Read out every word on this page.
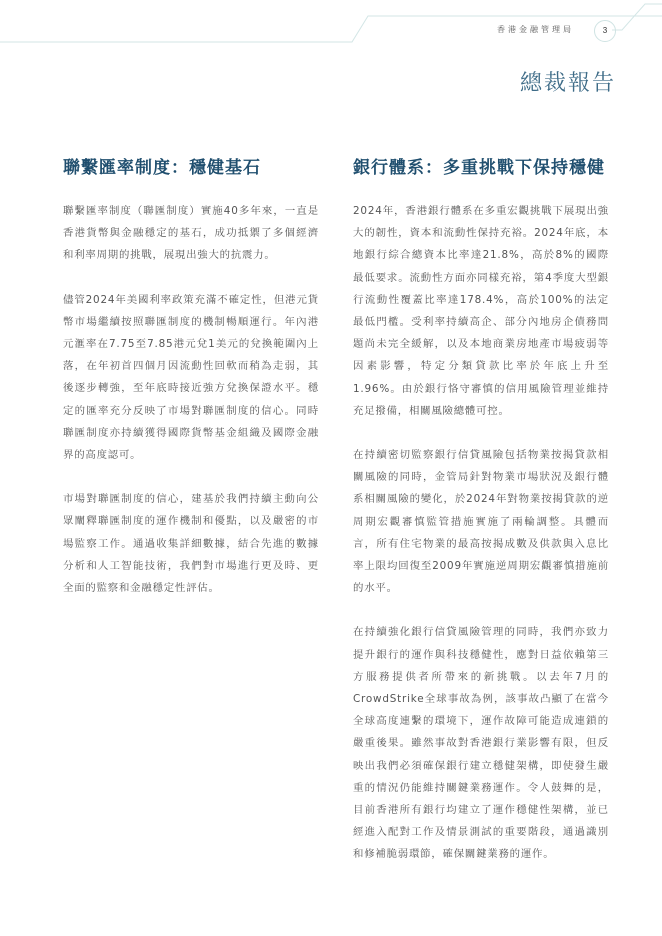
香港金融管理局	3
總裁報告
聯繫匯率制度：穩健基石

聯繫匯率制度（聯匯制度）實施40多年來，一直是香港貨幣與金融穩定的基石，成功抵禦了多個經濟和利率周期的挑戰，展現出強大的抗震力。

儘管2024年美國利率政策充滿不確定性，但港元貨幣市場繼續按照聯匯制度的機制暢順運行。年內港元滙率在7.75至7.85港元兌1美元的兌換範圍內上落，在年初首四個月因流動性回軟而稍為走弱，其後逐步轉強，至年底時接近強方兌換保證水平。穩定的匯率充分反映了市場對聯匯制度的信心。同時聯匯制度亦持續獲得國際貨幣基金組織及國際金融界的高度認可。

市場對聯匯制度的信心，建基於我們持續主動向公眾闡釋聯匯制度的運作機制和優點，以及嚴密的市場監察工作。通過收集詳細數據，結合先進的數據分析和人工智能技術，我們對市場進行更及時、更全面的監察和金融穩定性評估。

銀行體系：多重挑戰下保持穩健

2024年，香港銀行體系在多重宏觀挑戰下展現出強大的韌性，資本和流動性保持充裕。2024年底，本地銀行綜合總資本比率達21.8%，高於8%的國際最低要求。流動性方面亦同樣充裕，第4季度大型銀行流動性覆蓋比率達178.4%，高於100%的法定最低門檻。受利率持續高企、部分內地房企債務問題尚未完全緩解，以及本地商業房地產市場疲弱等因素影響，特定分類貸款比率於年底上升至1.96%。由於銀行恪守審慎的信用風險管理並維持充足撥備，相關風險總體可控。

在持續密切監察銀行信貸風險包括物業按揭貸款相關風險的同時，金管局針對物業市場狀況及銀行體系相關風險的變化，於2024年對物業按揭貸款的逆周期宏觀審慎監管措施實施了兩輪調整。具體而言，所有住宅物業的最高按揭成數及供款與入息比率上限均回復至2009年實施逆周期宏觀審慎措施前的水平。

在持續強化銀行信貸風險管理的同時，我們亦致力提升銀行的運作與科技穩健性，應對日益依賴第三方服務提供者所帶來的新挑戰。以去年7月的CrowdStrike全球事故為例，該事故凸顯了在當今全球高度連繫的環境下，運作故障可能造成連鎖的嚴重後果。雖然事故對香港銀行業影響有限，但反映出我們必須確保銀行建立穩健架構，即使發生嚴重的情況仍能維持關鍵業務運作。令人鼓舞的是，目前香港所有銀行均建立了運作穩健性架構，並已經進入配對工作及情景測試的重要階段，通過識別和修補脆弱環節，確保關鍵業務的運作。
